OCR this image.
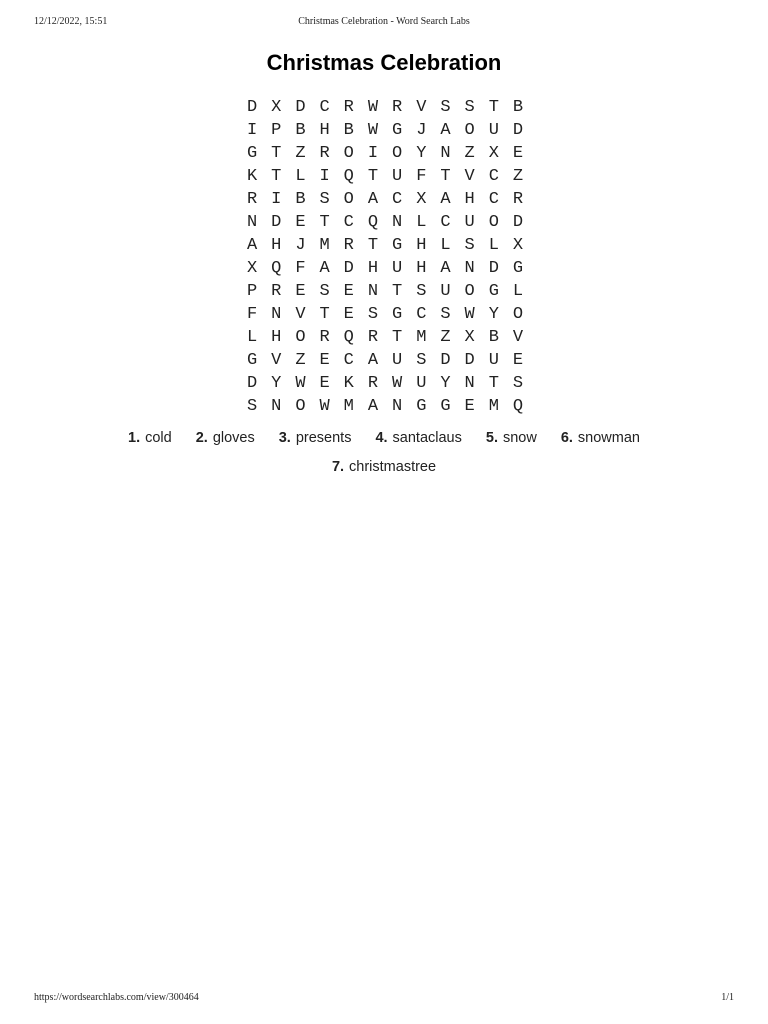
12/12/2022, 15:51	Christmas Celebration - Word Search Labs
Christmas Celebration
D X D C R W R V S S T B
I P B H B W G J A O U D
G T Z R O I O Y N Z X E
K T L I Q T U F T V C Z
R I B S O A C X A H C R
N D E T C Q N L C U O D
A H J M R T G H L S L X
X Q F A D H U H A N D G
P R E S E N T S U O G L
F N V T E S G C S W Y O
L H O R Q R T M Z X B V
G V Z E C A U S D D U E
D Y W E K R W U Y N T S
S N O W M A N G G E M Q
1. cold 2. gloves 3. presents 4. santaclaus 5. snow 6. snowman
7. christmastree
https://wordsearchlabs.com/view/300464	1/1
